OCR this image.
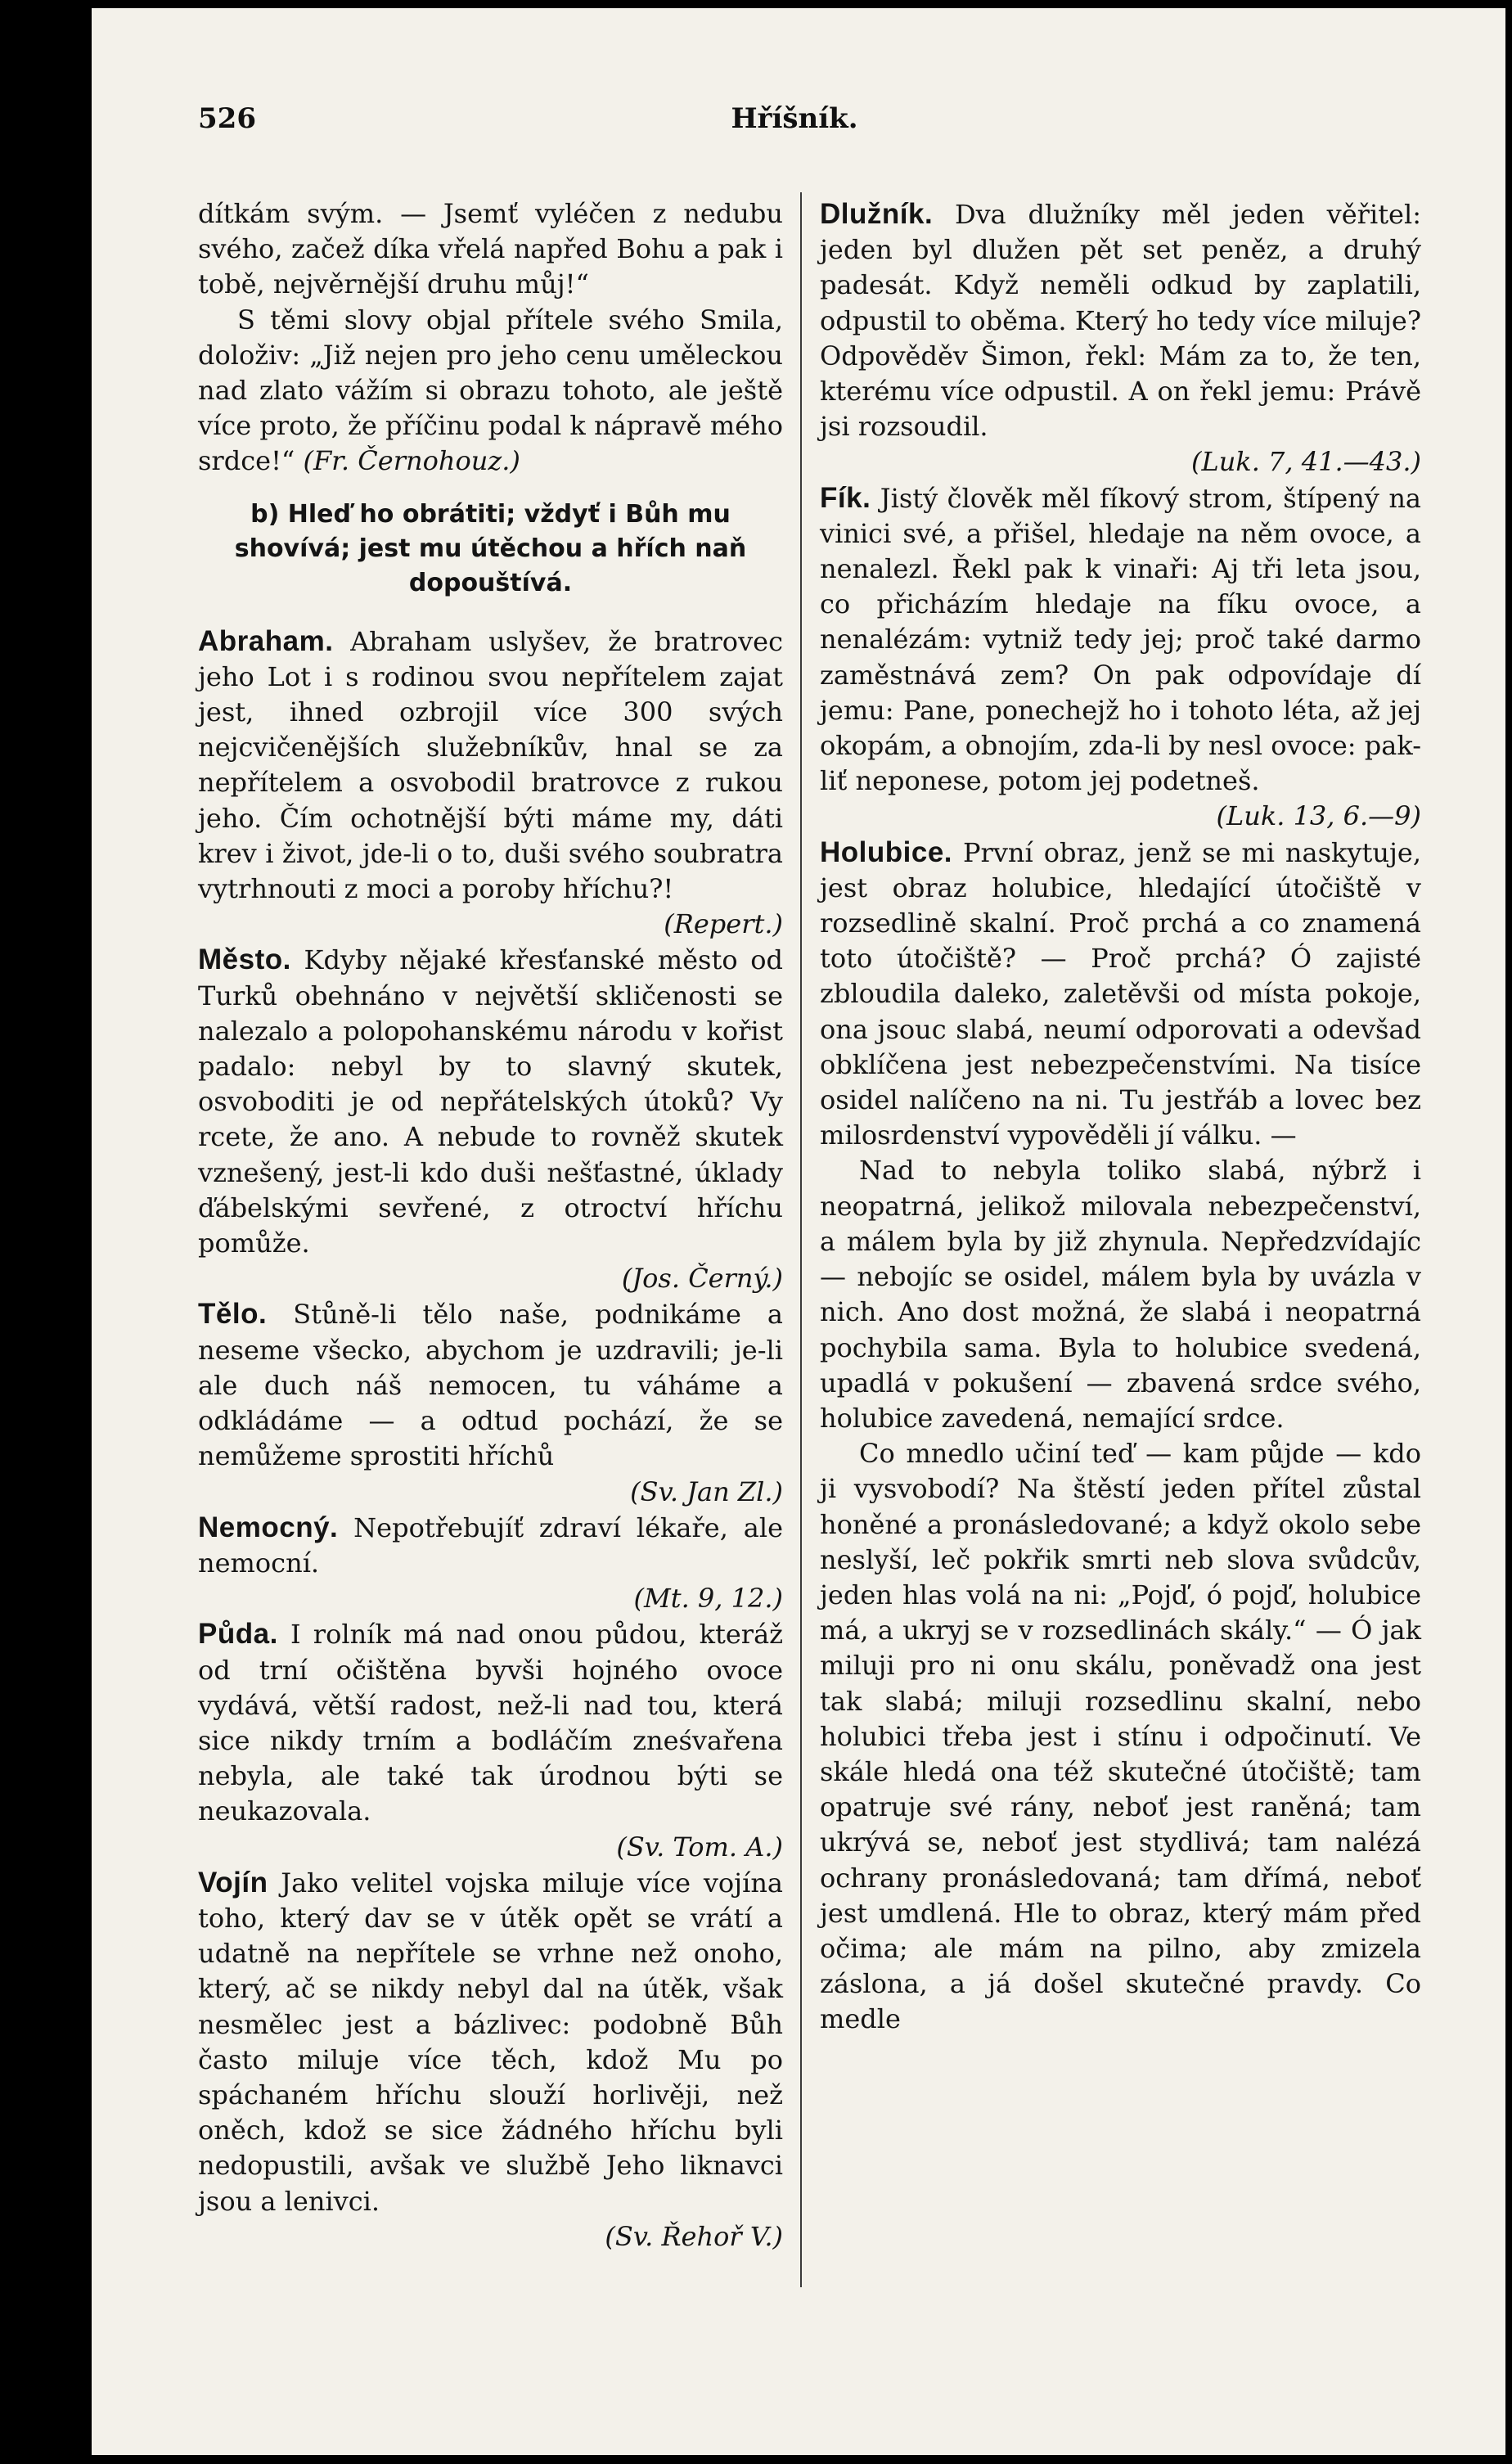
526	Hříšník.

dítkám svým. — Jsemť vyléčen z nedubu svého, začež díka vřelá napřed Bohu a pak i tobě, nejvěrnější druhu můj!“

S těmi slovy objal přítele svého Smila, doloživ: „Již nejen pro jeho cenu uměleckou nad zlato vážím si obrazu tohoto, ale ještě více proto, že příčinu podal k nápravě mého srdce!“ (Fr. Černohouz.)

b) Hleď ho obrátiti; vždyť i Bůh mu shovívá; jest mu útěchou a hřích naň dopouštívá.

Abraham. Abraham uslyšev, že bratrovec jeho Lot i s rodinou svou nepřítelem zajat jest, ihned ozbrojil více 300 svých nejcvičenějších služebníkův, hnal se za nepřítelem a osvobodil bratrovce z rukou jeho. Čím ochotnější býti máme my, dáti krev i život, jde-li o to, duši svého soubratra vytrhnouti z moci a poroby hříchu?!
(Repert.)

Město. Kdyby nějaké křesťanské město od Turků obehnáno v největší skličenosti se nalezalo a polopohanskému národu v kořist padalo: nebyl by to slavný skutek, osvoboditi je od nepřátelských útoků? Vy rcete, že ano. A nebude to rovněž skutek vznešený, jest-li kdo duši nešťastné, úklady ďábelskými sevřené, z otroctví hříchu pomůže.
(Jos. Černý.)

Tělo. Stůně-li tělo naše, podnikáme a neseme všecko, abychom je uzdravili; je-li ale duch náš nemocen, tu váháme a odkládáme — a odtud pochází, že se nemůžeme sprostiti hříchů
(Sv. Jan Zl.)

Nemocný. Nepotřebujíť zdraví lékaře, ale nemocní.
(Mt. 9, 12.)

Půda. I rolník má nad onou půdou, kteráž od trní očištěna byvši hojného ovoce vydává, větší radost, než-li nad tou, která sice nikdy trním a bodláčím zneśvařena nebyla, ale také tak úrodnou býti se neukazovala.
(Sv. Tom. A.)

Vojín Jako velitel vojska miluje více vojína toho, který dav se v útěk opět se vrátí a udatně na nepřítele se vrhne než onoho, který, ač se nikdy nebyl dal na útěk, však nesmělec jest a bázlivec: podobně Bůh často miluje více těch, kdož Mu po spáchaném hříchu slouží horlivěji, než oněch, kdož se sice žádného hříchu byli nedopustili, avšak ve službě Jeho liknavci jsou a lenivci.
(Sv. Řehoř V.)

Dlužník. Dva dlužníky měl jeden věřitel: jeden byl dlužen pět set peněz, a druhý padesát. Když neměli odkud by zaplatili, odpustil to oběma. Který ho tedy více miluje? Odpověděv Šimon, řekl: Mám za to, že ten, kterému více odpustil. A on řekl jemu: Právě jsi rozsoudil.
(Luk. 7, 41.—43.)

Fík. Jistý člověk měl fíkový strom, štípený na vinici své, a přišel, hledaje na něm ovoce, a nenalezl. Řekl pak k vinaři: Aj tři leta jsou, co přicházím hledaje na fíku ovoce, a nenalézám: vytniž tedy jej; proč také darmo zaměstnává zem? On pak odpovídaje dí jemu: Pane, ponechejž ho i tohoto léta, až jej okopám, a obnojím, zda-li by nesl ovoce: pak-liť neponese, potom jej podetneš.
(Luk. 13, 6.—9)

Holubice. První obraz, jenž se mi naskytuje, jest obraz holubice, hledající útočiště v rozsedlině skalní. Proč prchá a co znamená toto útočiště? — Proč prchá? Ó zajisté zbloudila daleko, zaletěvši od místa pokoje, ona jsouc slabá, neumí odporovati a odevšad obklíčena jest nebezpečenstvími. Na tisíce osidel nalíčeno na ni. Tu jestřáb a lovec bez milosrdenství vypověděli jí válku. —

Nad to nebyla toliko slabá, nýbrž i neopatrná, jelikož milovala nebezpečenství, a málem byla by již zhynula. Nepředzvídajíc — nebojíc se osidel, málem byla by uvázla v nich. Ano dost možná, že slabá i neopatrná pochybila sama. Byla to holubice svedená, upadlá v pokušení — zbavená srdce svého, holubice zavedená, nemající srdce.

Co mnedlo učiní teď — kam půjde — kdo ji vysvobodí? Na štěstí jeden přítel zůstal honěné a pronásledované; a když okolo sebe neslyší, leč pokřik smrti neb slova svůdcův, jeden hlas volá na ni: „Pojď, ó pojď, holubice má, a ukryj se v rozsedlinách skály.“ — Ó jak miluji pro ni onu skálu, poněvadž ona jest tak slabá; miluji rozsedlinu skalní, nebo holubici třeba jest i stínu i odpočinutí. Ve skále hledá ona též skutečné útočiště; tam opatruje své rány, neboť jest raněná; tam ukrývá se, neboť jest stydlivá; tam nalézá ochrany pronásledovaná; tam dřímá, neboť jest umdlená. Hle to obraz, který mám před očima; ale mám na pilno, aby zmizela záslona, a já došel skutečné pravdy. Co medle
